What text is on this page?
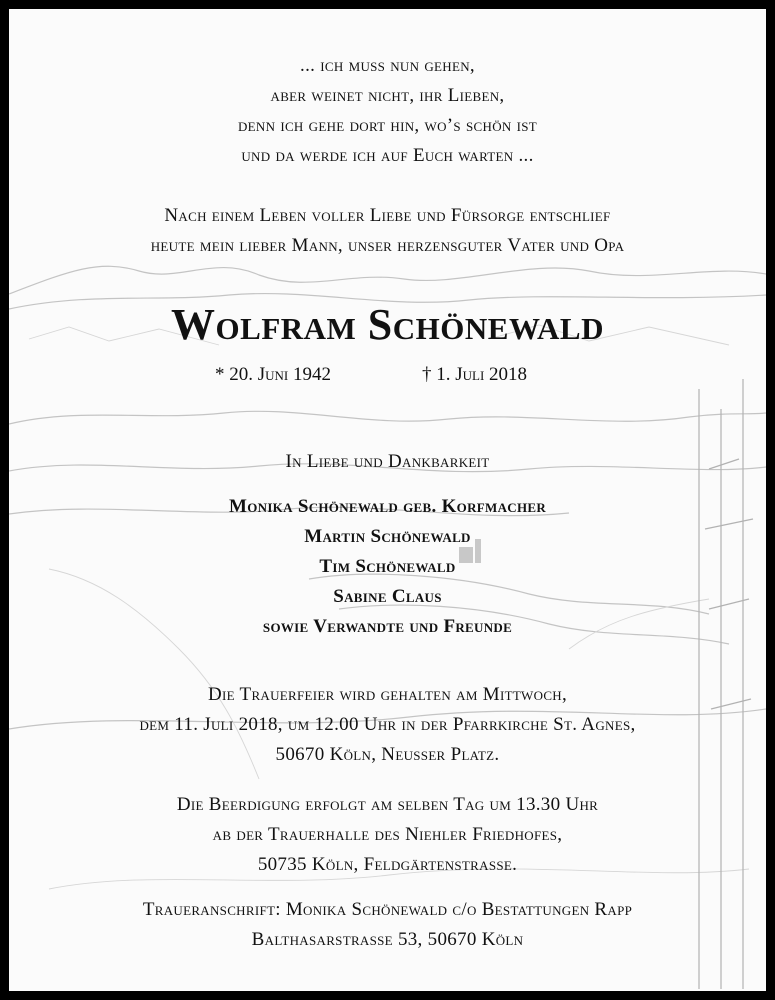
... ich muss nun gehen,
aber weinet nicht, ihr Lieben,
denn ich gehe dort hin, wo’s schön ist
und da werde ich auf Euch warten ...
Nach einem Leben voller Liebe und Fürsorge entschlief
heute mein lieber Mann, unser herzensguter Vater und Opa
Wolfram Schönewald
* 20. Juni 1942	† 1. Juli 2018
In Liebe und Dankbarkeit
Monika Schönewald geb. Korfmacher
Martin Schönewald
Tim Schönewald
Sabine Claus
sowie Verwandte und Freunde
Die Trauerfeier wird gehalten am Mittwoch,
dem 11. Juli 2018, um 12.00 Uhr in der Pfarrkirche St. Agnes,
50670 Köln, Neusser Platz.
Die Beerdigung erfolgt am selben Tag um 13.30 Uhr
ab der Trauerhalle des Niehler Friedhofes,
50735 Köln, Feldgärtenstrasse.
Traueranschrift: Monika Schönewald c/o Bestattungen Rapp
Balthasarstrasse 53, 50670 Köln
